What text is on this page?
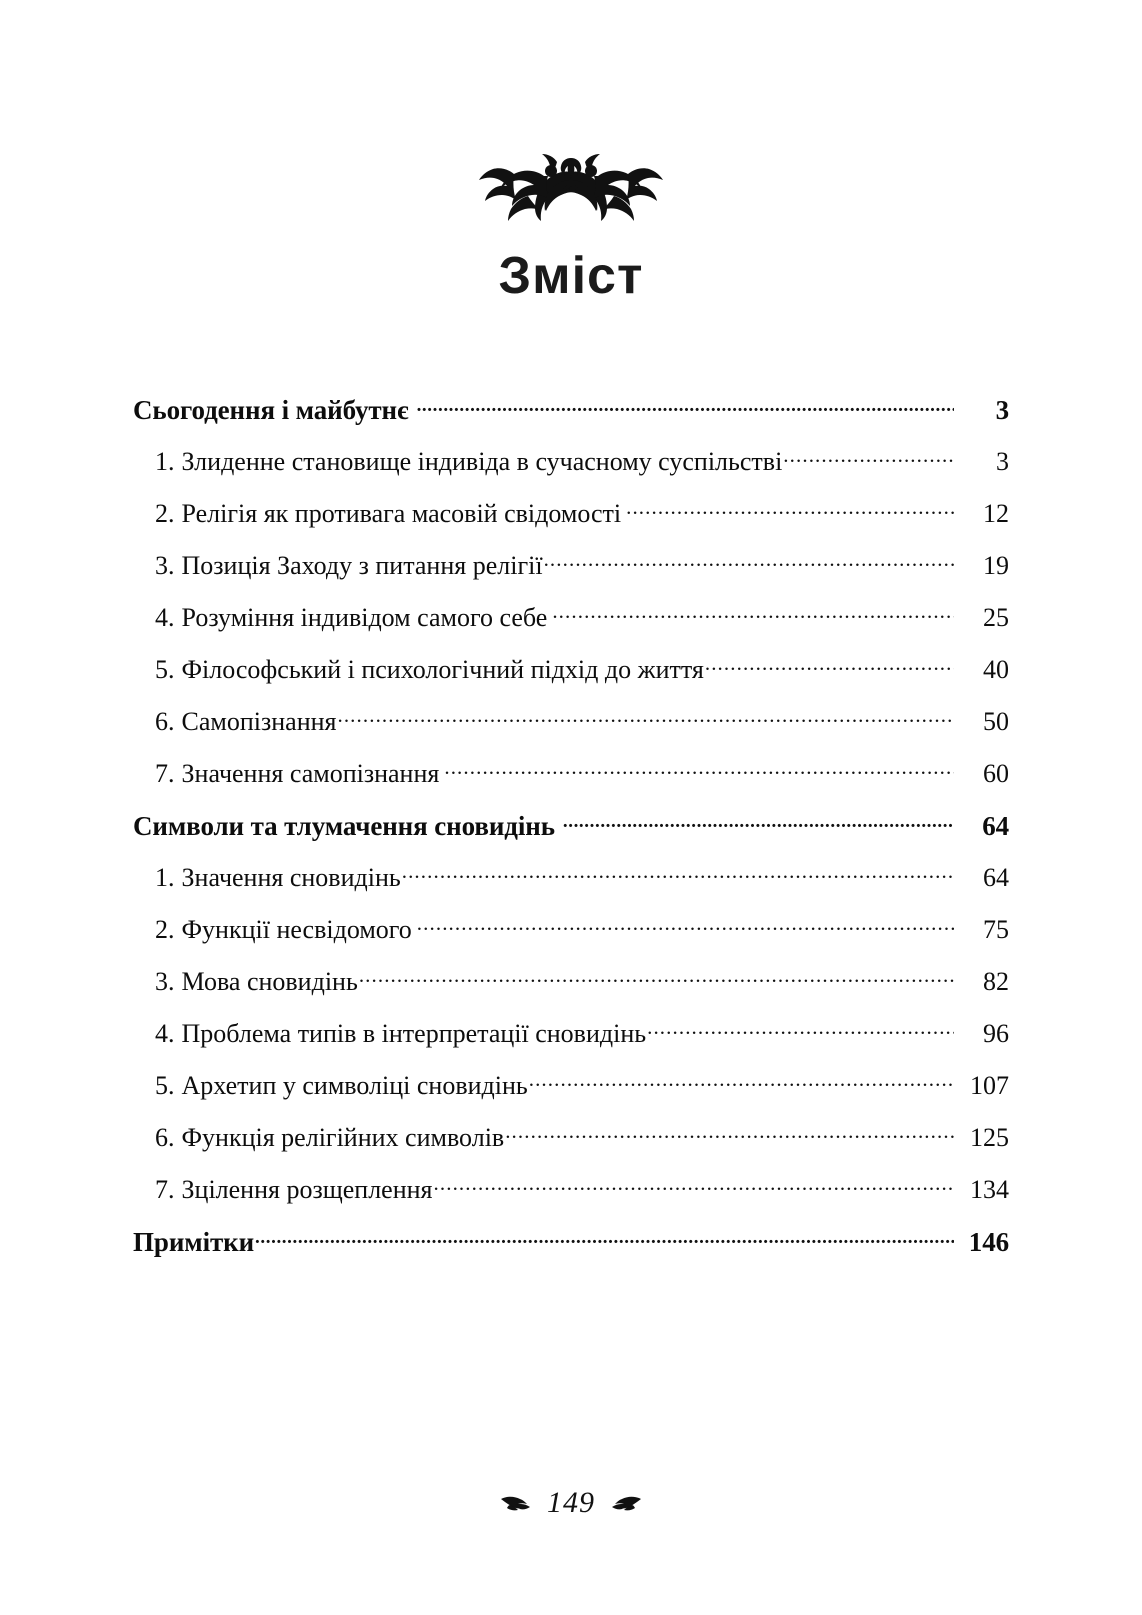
Зміст
Сьогодення і майбутнє .....	3
1. Злиденне становище індивіда в сучасному суспільстві .....	3
2. Релігія як противага масовій свідомості .....	12
3. Позиція Заходу з питання релігії .....	19
4. Розуміння індивідом самого себе .....	25
5. Філософський і психологічний підхід до життя .....	40
6. Самопізнання .....	50
7. Значення самопізнання .....	60
Символи та тлумачення сновидінь .....	64
1. Значення сновидінь .....	64
2. Функції несвідомого .....	75
3. Мова сновидінь .....	82
4. Проблема типів в інтерпретації сновидінь .....	96
5. Архетип у символіці сновидінь .....	107
6. Функція релігійних символів .....	125
7. Зцілення розщеплення .....	134
Примітки .....	146
149
